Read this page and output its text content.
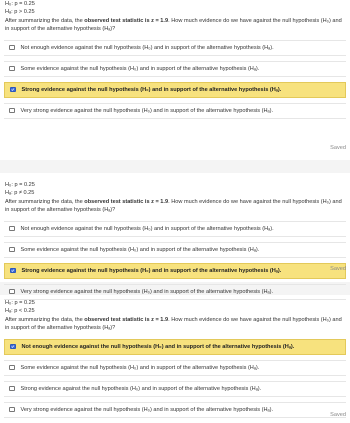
H₀: p = 0.25
Hₐ: p > 0.25
After summarizing the data, the observed test statistic is z = 1.9. How much evidence do we have against the null hypothesis (H₀) and in support of the alternative hypothesis (Hₐ)?
Not enough evidence against the null hypothesis (H₀) and in support of the alternative hypothesis (Hₐ).
Some evidence against the null hypothesis (H₀) and in support of the alternative hypothesis (Hₐ).
Strong evidence against the null hypothesis (H₀) and in support of the alternative hypothesis (Hₐ).
Very strong evidence against the null hypothesis (H₀) and in support of the alternative hypothesis (Hₐ).
H₀: p = 0.25
Hₐ: p ≠ 0.25
After summarizing the data, the observed test statistic is z = 1.9. How much evidence do we have against the null hypothesis (H₀) and in support of the alternative hypothesis (Hₐ)?
Not enough evidence against the null hypothesis (H₀) and in support of the alternative hypothesis (Hₐ).
Some evidence against the null hypothesis (H₀) and in support of the alternative hypothesis (Hₐ).
Strong evidence against the null hypothesis (H₀) and in support of the alternative hypothesis (Hₐ).
Very strong evidence against the null hypothesis (H₀) and in support of the alternative hypothesis (Hₐ).
H₀: p = 0.25
Hₐ: p < 0.25
After summarizing the data, the observed test statistic is z = 1.9. How much evidence do we have against the null hypothesis (H₀) and in support of the alternative hypothesis (Hₐ)?
Not enough evidence against the null hypothesis (H₀) and in support of the alternative hypothesis (Hₐ).
Some evidence against the null hypothesis (H₀) and in support of the alternative hypothesis (Hₐ).
Strong evidence against the null hypothesis (H₀) and in support of the alternative hypothesis (Hₐ).
Very strong evidence against the null hypothesis (H₀) and in support of the alternative hypothesis (Hₐ).
Saved
Saved
Saved
